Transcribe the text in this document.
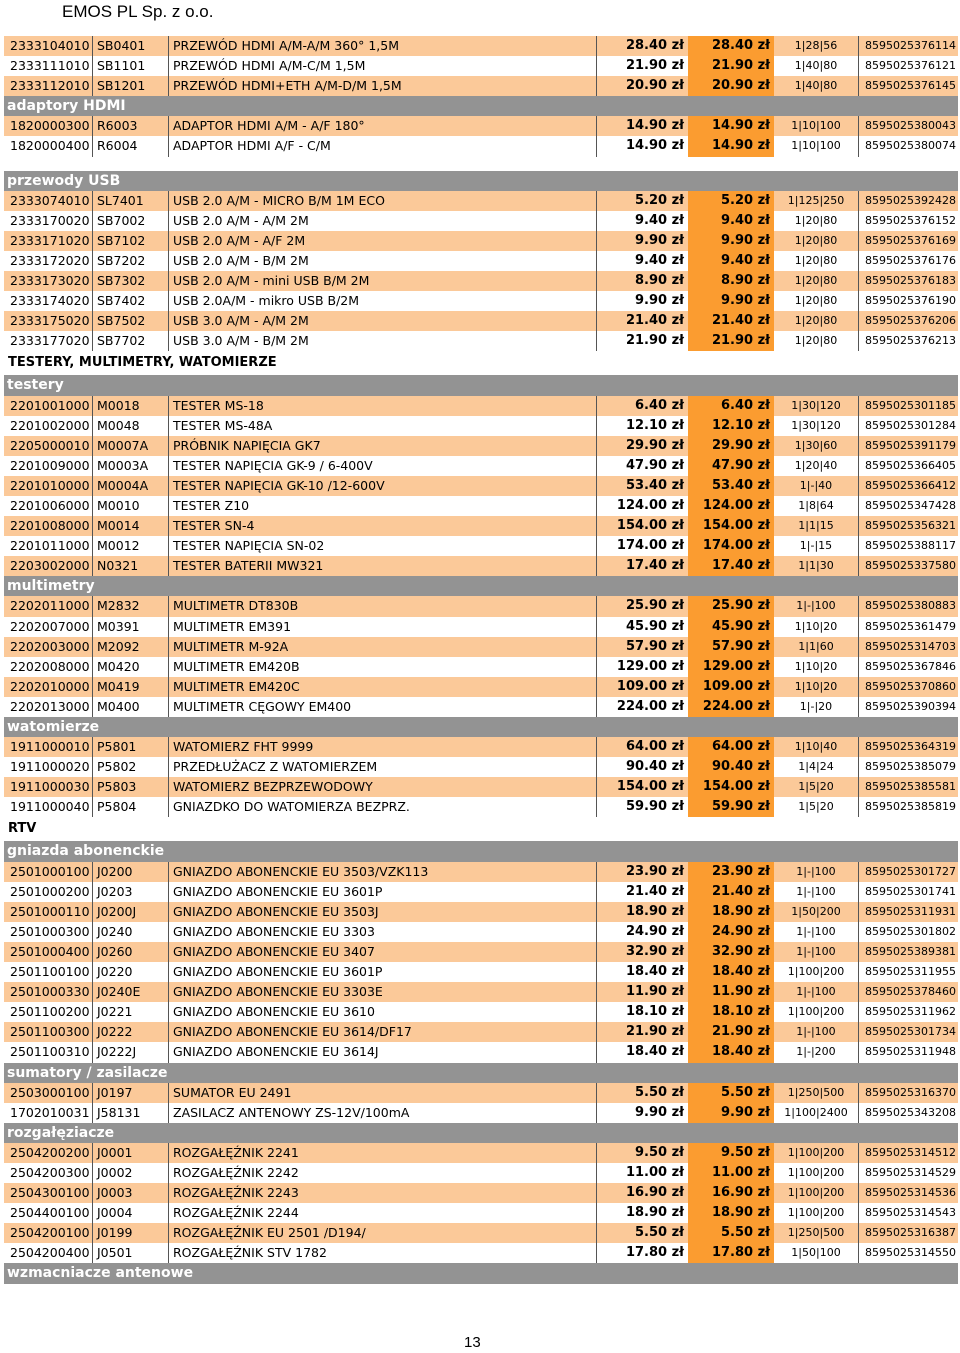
EMOS PL Sp. z o.o.
2333104010 SB0401	PRZEWÓD HDMI A/M-A/M 360° 1,5M	28.40 zł	28.40 zł	1|28|56	8595025376114
2333111010 SB1101	PRZEWÓD HDMI A/M-C/M 1,5M	21.90 zł	21.90 zł	1|40|80	8595025376121
2333112010 SB1201	PRZEWÓD HDMI+ETH A/M-D/M 1,5M	20.90 zł	20.90 zł	1|40|80	8595025376145
adaptory HDMI
1820000300 R6003	ADAPTOR HDMI A/M - A/F 180°	14.90 zł	14.90 zł	1|10|100	8595025380043
1820000400 R6004	ADAPTOR HDMI A/F - C/M	14.90 zł	14.90 zł	1|10|100	8595025380074
przewody USB
2333074010 SL7401	USB 2.0 A/M - MICRO B/M 1M ECO	5.20 zł	5.20 zł	1|125|250	8595025392428
2333170020 SB7002	USB 2.0 A/M - A/M 2M	9.40 zł	9.40 zł	1|20|80	8595025376152
2333171020 SB7102	USB 2.0 A/M - A/F 2M	9.90 zł	9.90 zł	1|20|80	8595025376169
2333172020 SB7202	USB 2.0 A/M - B/M 2M	9.40 zł	9.40 zł	1|20|80	8595025376176
2333173020 SB7302	USB 2.0 A/M - mini USB B/M 2M	8.90 zł	8.90 zł	1|20|80	8595025376183
2333174020 SB7402	USB 2.0A/M - mikro USB B/2M	9.90 zł	9.90 zł	1|20|80	8595025376190
2333175020 SB7502	USB 3.0 A/M - A/M 2M	21.40 zł	21.40 zł	1|20|80	8595025376206
2333177020 SB7702	USB 3.0 A/M - B/M 2M	21.90 zł	21.90 zł	1|20|80	8595025376213
TESTERY, MULTIMETRY, WATOMIERZE
testery
2201001000 M0018	TESTER MS-18	6.40 zł	6.40 zł	1|30|120	8595025301185
2201002000 M0048	TESTER MS-48A	12.10 zł	12.10 zł	1|30|120	8595025301284
2205000010 M0007A	PRÓBNIK NAPIĘCIA GK7	29.90 zł	29.90 zł	1|30|60	8595025391179
2201009000 M0003A	TESTER NAPIĘCIA GK-9 / 6-400V	47.90 zł	47.90 zł	1|20|40	8595025366405
2201010000 M0004A	TESTER NAPIĘCIA GK-10 /12-600V	53.40 zł	53.40 zł	1|-|40	8595025366412
2201006000 M0010	TESTER Z10	124.00 zł	124.00 zł	1|8|64	8595025347428
2201008000 M0014	TESTER SN-4	154.00 zł	154.00 zł	1|1|15	8595025356321
2201011000 M0012	TESTER NAPIĘCIA SN-02	174.00 zł	174.00 zł	1|-|15	8595025388117
2203002000 N0321	TESTER BATERII MW321	17.40 zł	17.40 zł	1|1|30	8595025337580
multimetry
2202011000 M2832	MULTIMETR DT830B	25.90 zł	25.90 zł	1|-|100	8595025380883
2202007000 M0391	MULTIMETR EM391	45.90 zł	45.90 zł	1|10|20	8595025361479
2202003000 M2092	MULTIMETR M-92A	57.90 zł	57.90 zł	1|1|60	8595025314703
2202008000 M0420	MULTIMETR EM420B	129.00 zł	129.00 zł	1|10|20	8595025367846
2202010000 M0419	MULTIMETR EM420C	109.00 zł	109.00 zł	1|10|20	8595025370860
2202013000 M0400	MULTIMETR CĘGOWY EM400	224.00 zł	224.00 zł	1|-|20	8595025390394
watomierze
1911000010 P5801	WATOMIERZ FHT 9999	64.00 zł	64.00 zł	1|10|40	8595025364319
1911000020 P5802	PRZEDŁUŻACZ Z WATOMIERZEM	90.40 zł	90.40 zł	1|4|24	8595025385079
1911000030 P5803	WATOMIERZ BEZPRZEWODOWY	154.00 zł	154.00 zł	1|5|20	8595025385581
1911000040 P5804	GNIAZDKO DO WATOMIERZA BEZPRZ.	59.90 zł	59.90 zł	1|5|20	8595025385819
RTV
gniazda abonenckie
2501000100 J0200	GNIAZDO ABONENCKIE EU 3503/VZK113	23.90 zł	23.90 zł	1|-|100	8595025301727
2501000200 J0203	GNIAZDO ABONENCKIE EU 3601P	21.40 zł	21.40 zł	1|-|100	8595025301741
2501000110 J0200J	GNIAZDO ABONENCKIE EU 3503J	18.90 zł	18.90 zł	1|50|200	8595025311931
2501000300 J0240	GNIAZDO ABONENCKIE EU 3303	24.90 zł	24.90 zł	1|-|100	8595025301802
2501000400 J0260	GNIAZDO ABONENCKIE EU 3407	32.90 zł	32.90 zł	1|-|100	8595025389381
2501100100 J0220	GNIAZDO ABONENCKIE EU 3601P	18.40 zł	18.40 zł	1|100|200	8595025311955
2501000330 J0240E	GNIAZDO ABONENCKIE EU 3303E	11.90 zł	11.90 zł	1|-|100	8595025378460
2501100200 J0221	GNIAZDO ABONENCKIE EU 3610	18.10 zł	18.10 zł	1|100|200	8595025311962
2501100300 J0222	GNIAZDO ABONENCKIE EU 3614/DF17	21.90 zł	21.90 zł	1|-|100	8595025301734
2501100310 J0222J	GNIAZDO ABONENCKIE EU 3614J	18.40 zł	18.40 zł	1|-|200	8595025311948
sumatory / zasilacze
2503000100 J0197	SUMATOR EU 2491	5.50 zł	5.50 zł	1|250|500	8595025316370
1702010031 J58131	ZASILACZ ANTENOWY ZS-12V/100mA	9.90 zł	9.90 zł	1|100|2400	8595025343208
rozgałęziacze
2504200200 J0001	ROZGAŁĘŹNIK 2241	9.50 zł	9.50 zł	1|100|200	8595025314512
2504200300 J0002	ROZGAŁĘŹNIK 2242	11.00 zł	11.00 zł	1|100|200	8595025314529
2504300100 J0003	ROZGAŁĘŹNIK 2243	16.90 zł	16.90 zł	1|100|200	8595025314536
2504400100 J0004	ROZGAŁĘŹNIK 2244	18.90 zł	18.90 zł	1|100|200	8595025314543
2504200100 J0199	ROZGAŁĘŹNIK EU 2501 /D194/	5.50 zł	5.50 zł	1|250|500	8595025316387
2504200400 J0501	ROZGAŁĘŹNIK STV 1782	17.80 zł	17.80 zł	1|50|100	8595025314550
wzmacniacze antenowe
13
